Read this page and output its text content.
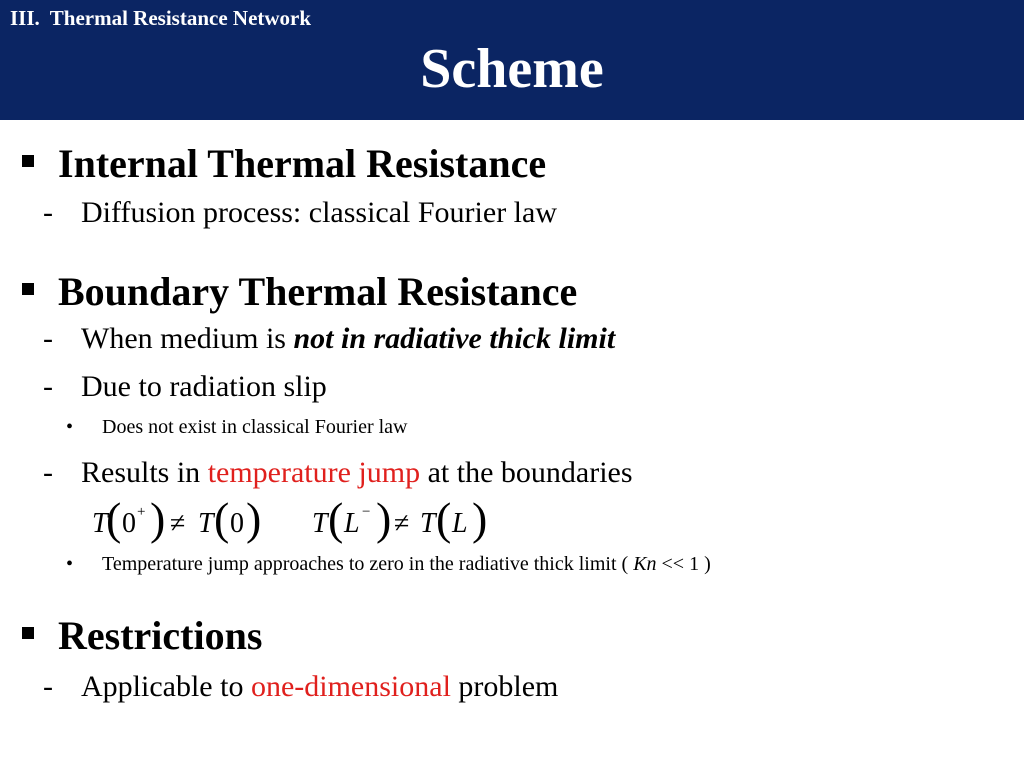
III. Thermal Resistance Network
Scheme
Internal Thermal Resistance
- Diffusion process: classical Fourier law
Boundary Thermal Resistance
- When medium is not in radiative thick limit
- Due to radiation slip
• Does not exist in classical Fourier law
- Results in temperature jump at the boundaries
T
( 0 + ) ≠ T ( 0 ) T ( L − ) ≠ T ( L )
• Temperature jump approaches to zero in the radiative thick limit ( Kn << 1 )
Restrictions
- Applicable to one-dimensional problem
